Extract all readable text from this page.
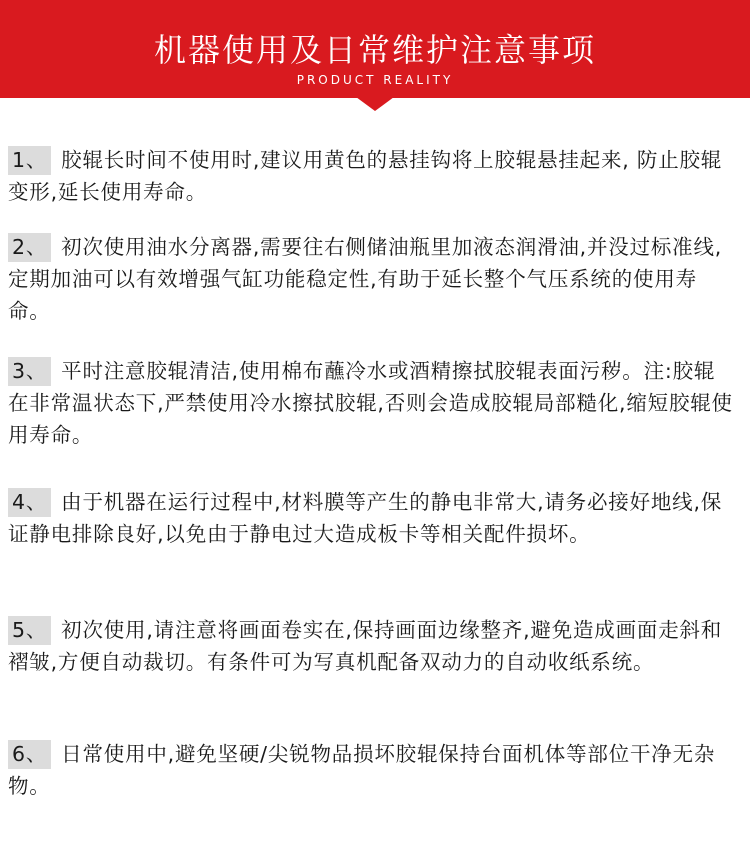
机器使用及日常维护注意事项
PRODUCT REALITY
1、 胶辊长时间不使用时,建议用黄色的悬挂钩将上胶辊悬挂起来, 防止胶辊变形,延长使用寿命。
2、 初次使用油水分离器,需要往右侧储油瓶里加液态润滑油,并没过标准线,定期加油可以有效增强气缸功能稳定性,有助于延长整个气压系统的使用寿命。
3、 平时注意胶辊清洁,使用棉布蘸冷水或酒精擦拭胶辊表面污秽。注:胶辊在非常温状态下,严禁使用冷水擦拭胶辊,否则会造成胶辊局部糙化,缩短胶辊使用寿命。
4、 由于机器在运行过程中,材料膜等产生的静电非常大,请务必接好地线,保证静电排除良好,以免由于静电过大造成板卡等相关配件损坏。
5、 初次使用,请注意将画面卷实在,保持画面边缘整齐,避免造成画面走斜和褶皱,方便自动裁切。有条件可为写真机配备双动力的自动收纸系统。
6、 日常使用中,避免坚硬/尖锐物品损坏胶辊保持台面机体等部位干净无杂物。
